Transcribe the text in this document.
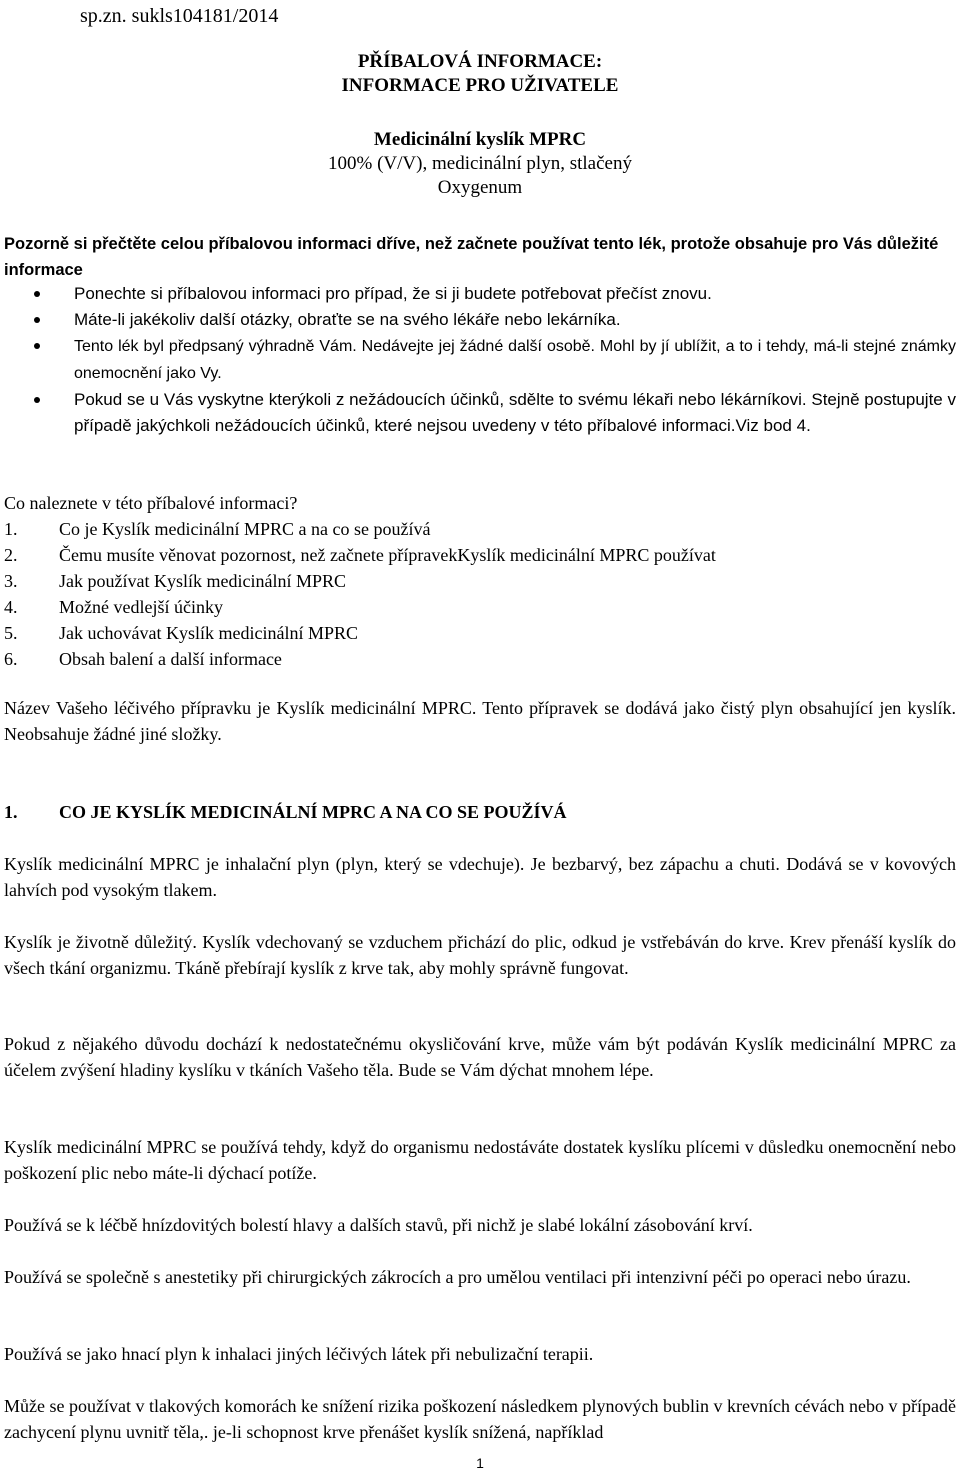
sp.zn. sukls104181/2014
PŘÍBALOVÁ INFORMACE:
INFORMACE PRO UŽIVATELE
Medicinální kyslík MPRC
100% (V/V), medicinální plyn, stlačený
Oxygenum
Pozorně si přečtěte celou příbalovou informaci dříve, než začnete používat tento lék, protože obsahuje pro Vás důležité informace
Ponechte si příbalovou informaci pro případ, že si ji budete potřebovat přečíst znovu.
Máte-li jakékoliv další otázky, obraťte se na svého lékáře nebo lekárníka.
Tento lék byl předpsaný výhradně Vám. Nedávejte jej žádné další osobě. Mohl by jí ublížit, a to i tehdy, má-li stejné známky onemocnění jako Vy.
Pokud se u Vás vyskytne kterýkoli z nežádoucích účinků, sdělte to svému lékaři nebo lékárníkovi. Stejně postupujte v případě jakýchkoli nežádoucích účinků, které nejsou uvedeny v této příbalové informaci.Viz bod 4.
Co naleznete v této příbalové informaci?
1.	Co je Kyslík medicinální MPRC a na co se používá
2.	Čemu musíte věnovat pozornost, než začnete přípravekKyslík medicinální MPRC používat
3.	Jak používat Kyslík medicinální MPRC
4.	Možné vedlejší účinky
5.	Jak uchovávat Kyslík medicinální MPRC
6.	Obsah balení a další informace
Název Vašeho léčivého přípravku je Kyslík medicinální MPRC. Tento přípravek se dodává jako čistý plyn obsahující jen kyslík. Neobsahuje žádné jiné složky.
1.	CO JE KYSLÍK MEDICINÁLNÍ MPRC A NA CO SE POUŽÍVÁ
Kyslík medicinální MPRC je inhalační plyn (plyn, který se vdechuje). Je bezbarvý, bez zápachu a chuti. Dodává se v kovových lahvích pod vysokým tlakem.
Kyslík je životně důležitý. Kyslík vdechovaný se vzduchem přichází do plic, odkud je vstřebáván do krve. Krev přenáší kyslík do všech tkání organizmu. Tkáně přebírají kyslík z krve tak, aby mohly správně fungovat.
Pokud z nějakého důvodu dochází k nedostatečnému okysličování krve, může vám být podáván Kyslík medicinální MPRC za účelem zvýšení hladiny kyslíku v tkáních Vašeho těla. Bude se Vám dýchat mnohem lépe.
Kyslík medicinální MPRC se používá tehdy, když do organismu nedostáváte dostatek kyslíku plícemi v důsledku onemocnění nebo poškození plic nebo máte-li dýchací potíže.
Používá se k léčbě hnízdovitých bolestí hlavy a dalších stavů, při nichž je slabé lokální zásobování krví.
Používá se společně s anestetiky při chirurgických zákrocích a pro umělou ventilaci při intenzivní péči po operaci nebo úrazu.
Používá se jako hnací plyn k inhalaci jiných léčivých látek při nebulizační terapii.
Může se používat v tlakových komorách ke snížení rizika poškození následkem plynových bublin v krevních cévách nebo v případě zachycení plynu uvnitř těla,. je-li schopnost krve přenášet kyslík snížená, například
1
